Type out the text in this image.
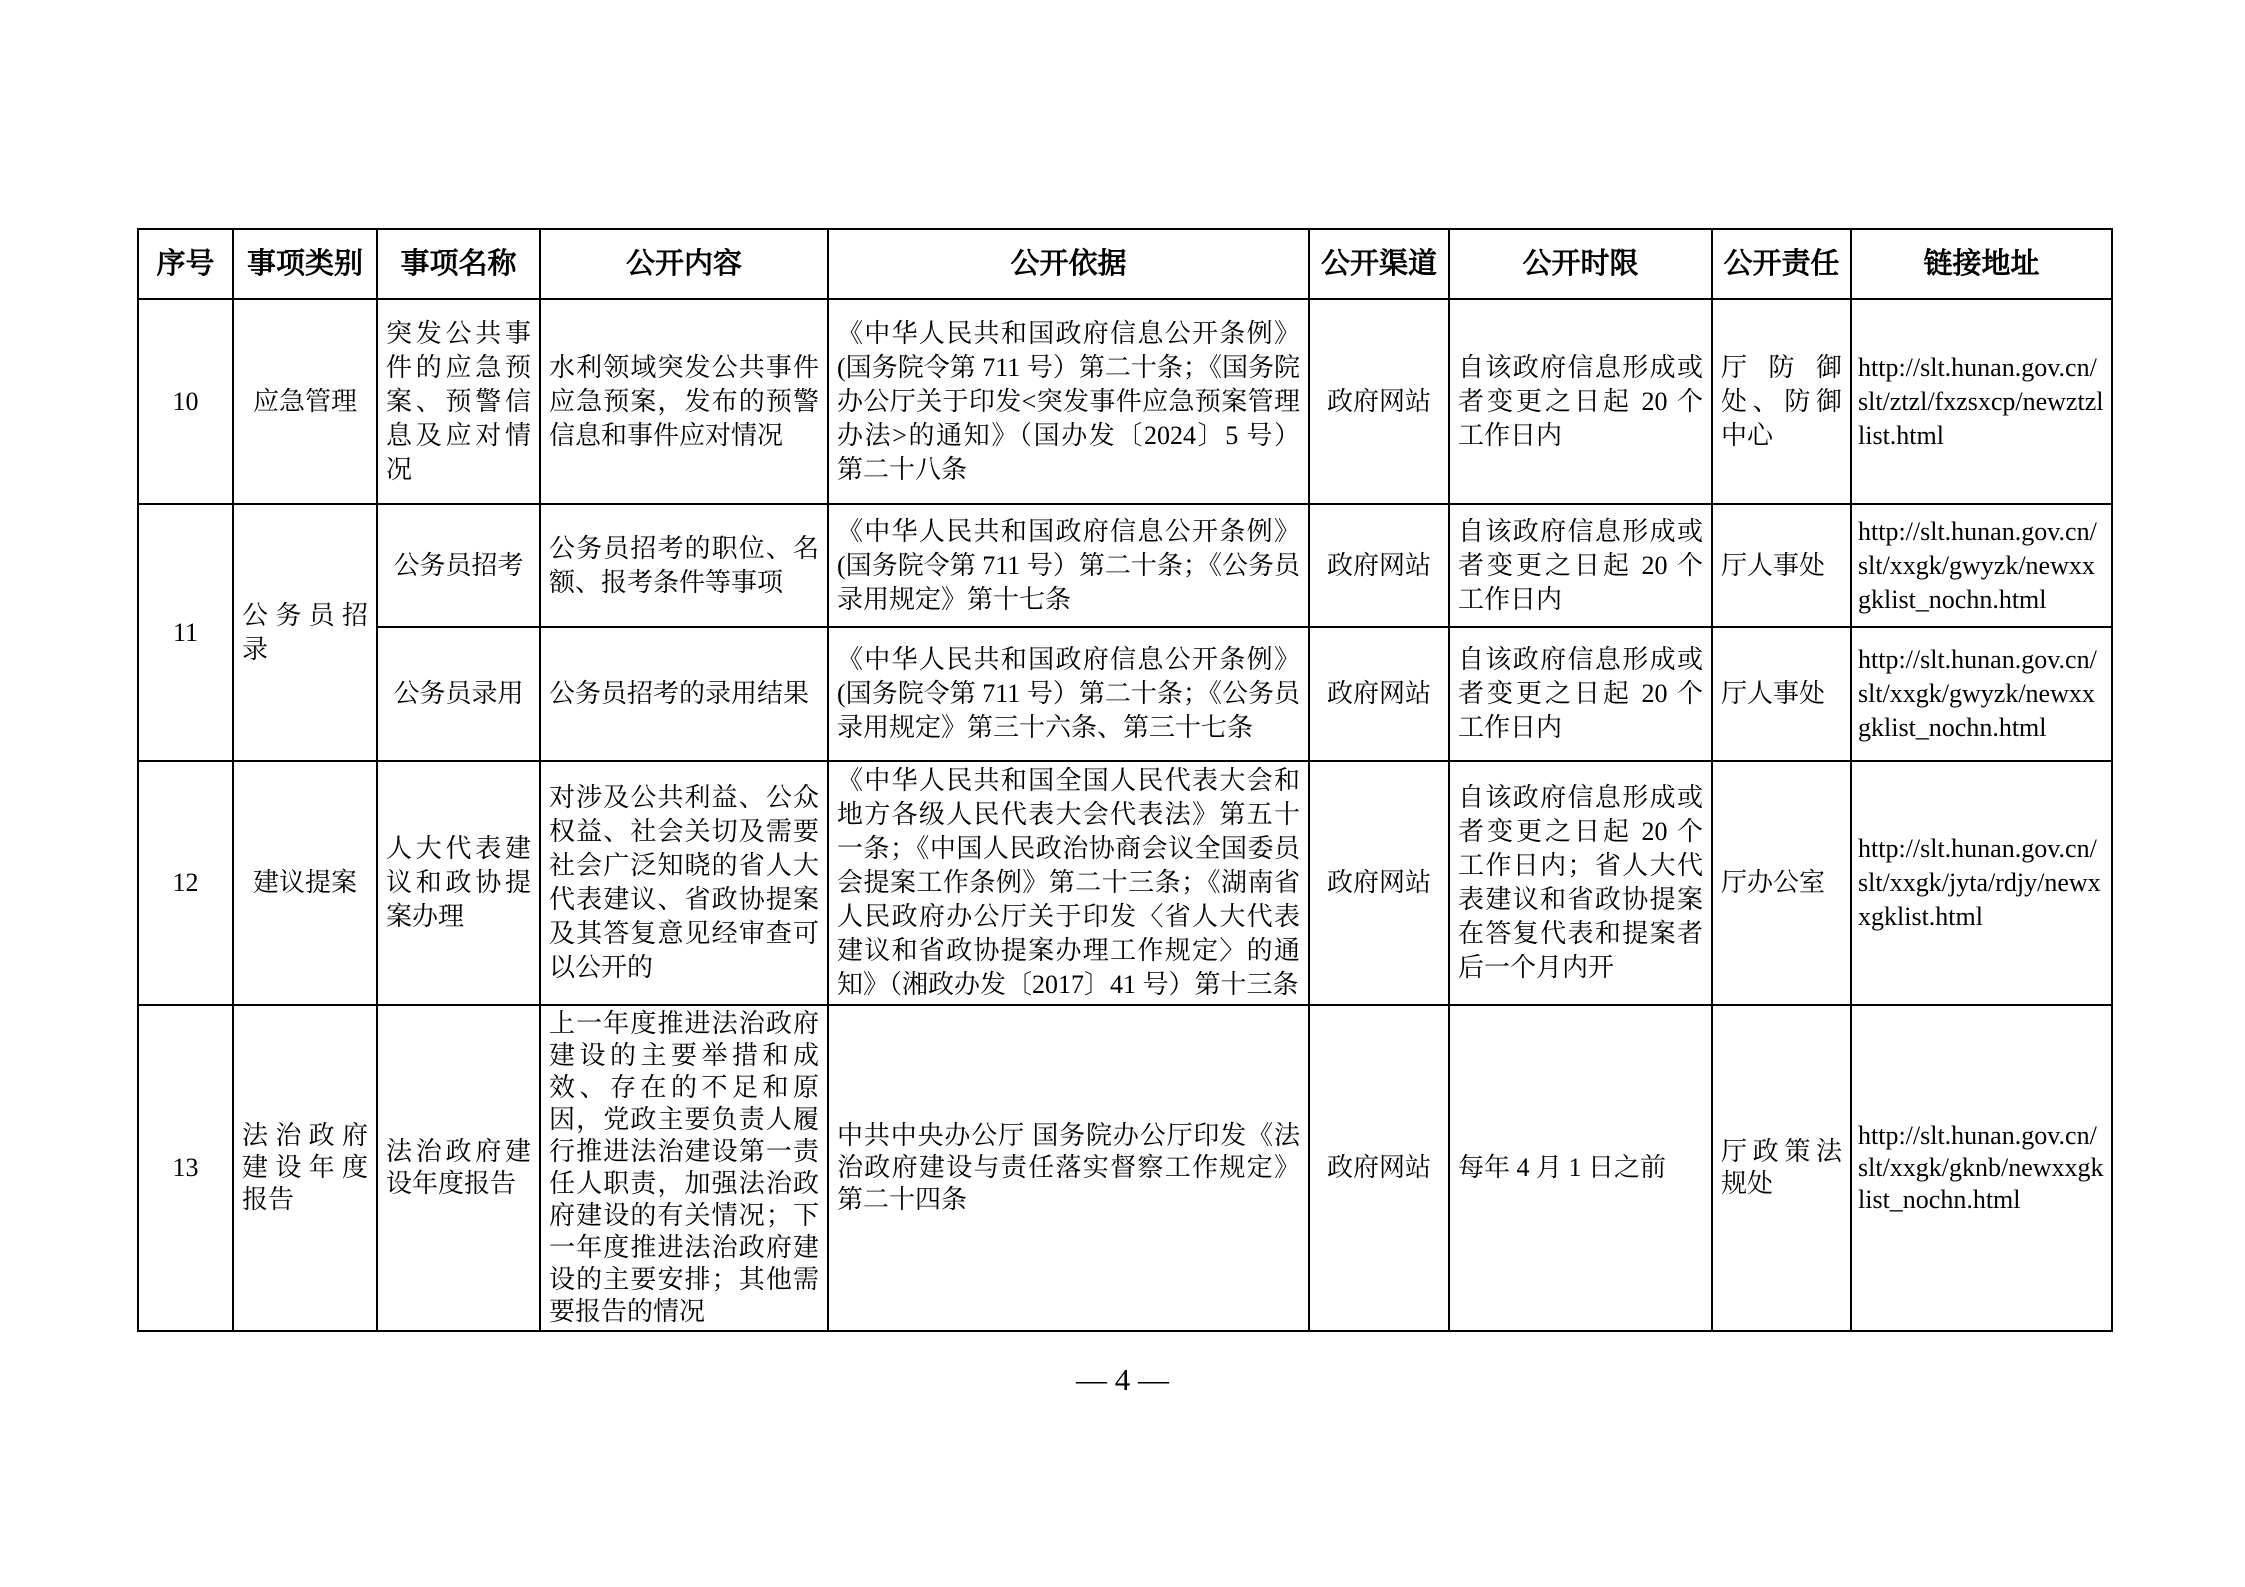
序号	事项类别	事项名称	公开内容	公开依据	公开渠道	公开时限	公开责任	链接地址
10	应急管理	突发公共事件的应急预案、预警信息及应对情况	水利领域突发公共事件应急预案，发布的预警信息和事件应对情况	《中华人民共和国政府信息公开条例》(国务院令第 711 号）第二十条；《国务院办公厅关于印发<突发事件应急预案管理办法>的通知》（国办发〔2024〕5 号）第二十八条	政府网站	自该政府信息形成或者变更之日起 20 个工作日内	厅防御处、防御中心	http://slt.hunan.gov.cn/slt/ztzl/fxzsxcp/newztzllist.html
11	公务员招录	公务员招考	公务员招考的职位、名额、报考条件等事项	《中华人民共和国政府信息公开条例》(国务院令第 711 号）第二十条；《公务员录用规定》第十七条	政府网站	自该政府信息形成或者变更之日起 20 个工作日内	厅人事处	http://slt.hunan.gov.cn/slt/xxgk/gwyzk/newxxgklist_nochn.html
		公务员录用	公务员招考的录用结果	《中华人民共和国政府信息公开条例》(国务院令第 711 号）第二十条；《公务员录用规定》第三十六条、第三十七条	政府网站	自该政府信息形成或者变更之日起 20 个工作日内	厅人事处	http://slt.hunan.gov.cn/slt/xxgk/gwyzk/newxxgklist_nochn.html
12	建议提案	人大代表建议和政协提案办理	对涉及公共利益、公众权益、社会关切及需要社会广泛知晓的省人大代表建议、省政协提案及其答复意见经审查可以公开的	《中华人民共和国全国人民代表大会和地方各级人民代表大会代表法》第五十一条；《中国人民政治协商会议全国委员会提案工作条例》第二十三条；《湖南省人民政府办公厅关于印发〈省人大代表建议和省政协提案办理工作规定〉的通知》（湘政办发〔2017〕41 号）第十三条	政府网站	自该政府信息形成或者变更之日起 20 个工作日内；省人大代表建议和省政协提案在答复代表和提案者后一个月内开	厅办公室	http://slt.hunan.gov.cn/slt/xxgk/jyta/rdjy/newxxgklist.html
13	法治政府建设年度报告	法治政府建设年度报告	上一年度推进法治政府建设的主要举措和成效、存在的不足和原因，党政主要负责人履行推进法治建设第一责任人职责，加强法治政府建设的有关情况；下一年度推进法治政府建设的主要安排；其他需要报告的情况	中共中央办公厅 国务院办公厅印发《法治政府建设与责任落实督察工作规定》第二十四条	政府网站	每年 4 月 1 日之前	厅政策法规处	http://slt.hunan.gov.cn/slt/xxgk/gknb/newxxgklist_nochn.html
— 4 —
